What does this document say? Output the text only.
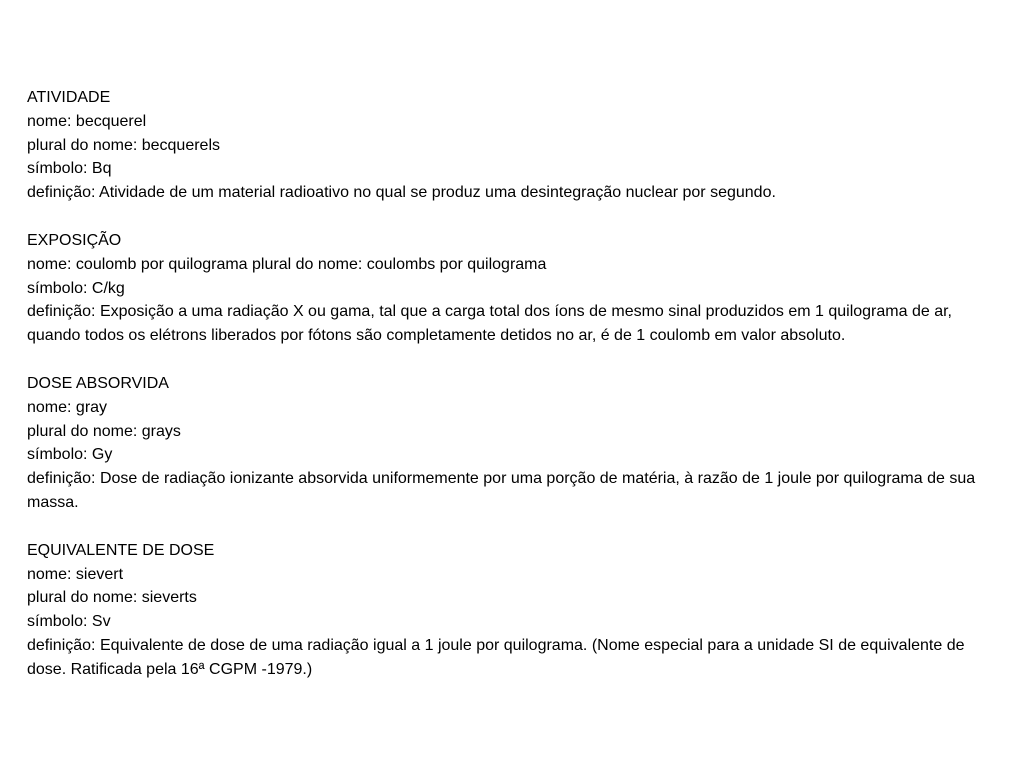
ATIVIDADE
nome: becquerel
plural do nome: becquerels
símbolo: Bq
definição: Atividade de um material radioativo no qual se produz uma desintegração nuclear por segundo.
EXPOSIÇÃO
nome: coulomb por quilograma plural do nome: coulombs por quilograma
símbolo: C/kg
definição: Exposição a uma radiação X ou gama, tal que a carga total dos íons de mesmo sinal produzidos em 1 quilograma de ar, quando todos os elétrons liberados por fótons são completamente detidos no ar, é de 1 coulomb em valor absoluto.
DOSE ABSORVIDA
nome: gray
plural do nome: grays
símbolo: Gy
definição: Dose de radiação ionizante absorvida uniformemente por uma porção de matéria, à razão de 1 joule por quilograma de sua massa.
EQUIVALENTE DE DOSE
nome: sievert
plural do nome: sieverts
símbolo: Sv
definição: Equivalente de dose de uma radiação igual a 1 joule por quilograma. (Nome especial para a unidade SI de equivalente de dose. Ratificada pela 16ª CGPM -1979.)
